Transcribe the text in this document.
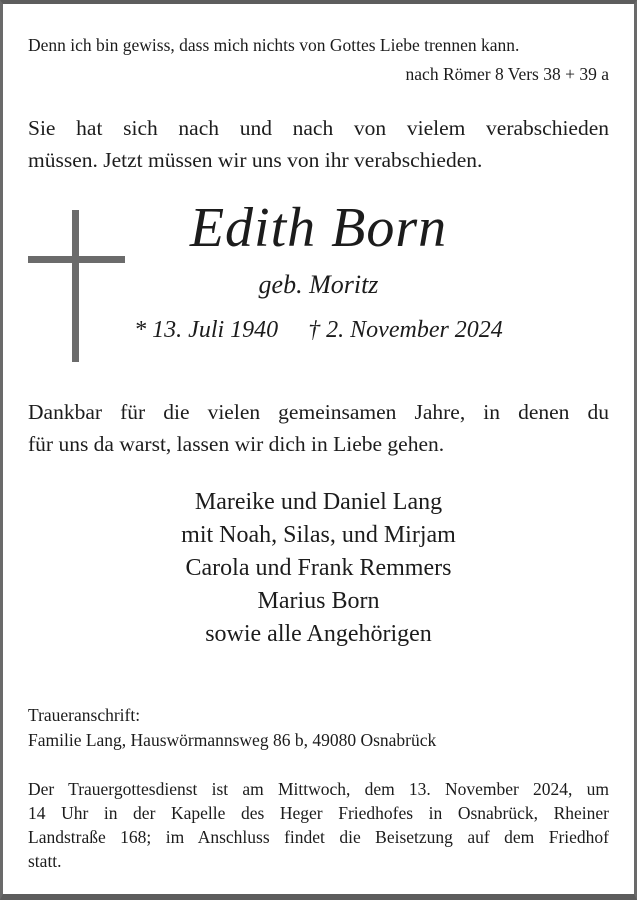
Denn ich bin gewiss, dass mich nichts von Gottes Liebe trennen kann.
nach Römer 8 Vers 38 + 39 a
Sie hat sich nach und nach von vielem verabschieden
müssen. Jetzt müssen wir uns von ihr verabschieden.
Edith Born
geb. Moritz
* 13. Juli 1940 † 2. November 2024
Dankbar für die vielen gemeinsamen Jahre, in denen du
für uns da warst, lassen wir dich in Liebe gehen.
Mareike und Daniel Lang
mit Noah, Silas, und Mirjam
Carola und Frank Remmers
Marius Born
sowie alle Angehörigen
Traueranschrift:
Familie Lang, Hauswörmannsweg 86 b, 49080 Osnabrück
Der Trauergottesdienst ist am Mittwoch, dem 13. November 2024, um
14 Uhr in der Kapelle des Heger Friedhofes in Osnabrück, Rheiner
Landstraße 168; im Anschluss findet die Beisetzung auf dem Friedhof
statt.
